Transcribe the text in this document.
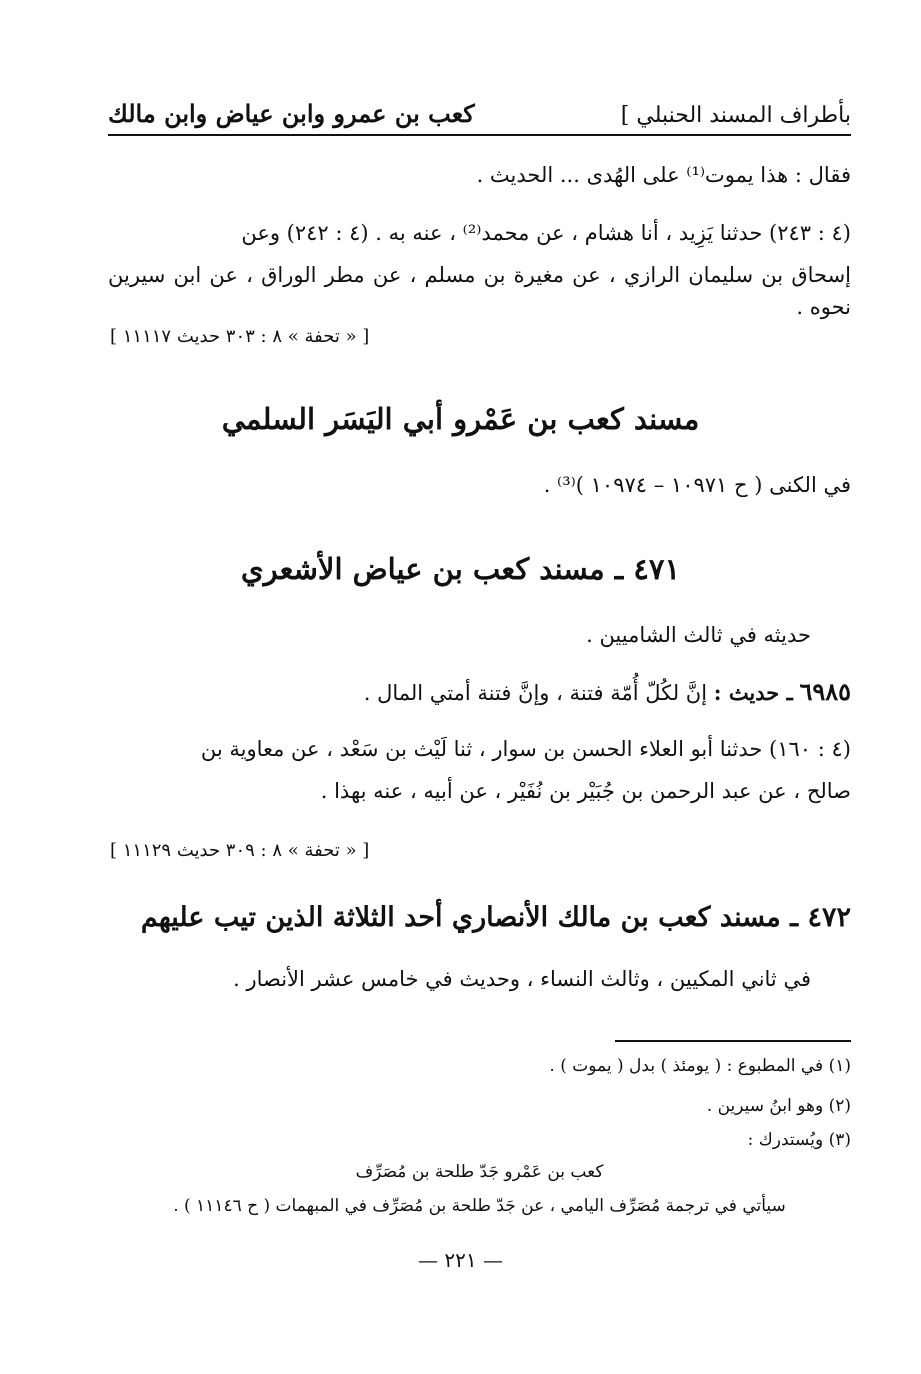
بأطراف المسند الحنبلي ]
كعب بن عمرو وابن عياض وابن مالك
فقال : هذا يموت⁽¹⁾ على الهُدى ... الحديث .
(٤ : ٢٤٣) حدثنا يَزِيد ، أنا هشام ، عن محمد⁽²⁾ ، عنه به . (٤ : ٢٤٢) وعن
إسحاق بن سليمان الرازي ، عن مغيرة بن مسلم ، عن مطر الوراق ، عن ابن سيرين نحوه .
[ « تحفة » ٨ : ٣٠٣ حديث ١١١١٧ ]
مسند كعب بن عَمْرو أبي اليَسَر السلمي
في الكنى ( ح ١٠٩٧١ – ١٠٩٧٤ )⁽³⁾ .
٤٧١ ـ مسند كعب بن عياض الأشعري
حديثه في ثالث الشاميين .
٦٩٨٥ ـ حديث : إنَّ لكُلّ أُمّة فتنة ، وإنَّ فتنة أمتي المال .
(٤ : ١٦٠) حدثنا أبو العلاء الحسن بن سوار ، ثنا لَيْث بن سَعْد ، عن معاوية بن
صالح ، عن عبد الرحمن بن جُبَيْر بن نُفَيْر ، عن أبيه ، عنه بهذا .
[ « تحفة » ٨ : ٣٠٩ حديث ١١١٢٩ ]
٤٧٢ ـ مسند كعب بن مالك الأنصاري أحد الثلاثة الذين تيب عليهم
في ثاني المكيين ، وثالث النساء ، وحديث في خامس عشر الأنصار .
(١) في المطبوع : ( يومئذ ) بدل ( يموت ) .
(٢) وهو ابنُ سيرين .
(٣) ويُستدرك :
كعب بن عَمْرو جَدّ طلحة بن مُصَرِّف
سيأتي في ترجمة مُصَرِّف اليامي ، عن جَدّ طلحة بن مُصَرِّف في المبهمات ( ح ١١١٤٦ ) .
— ٢٢١ —
